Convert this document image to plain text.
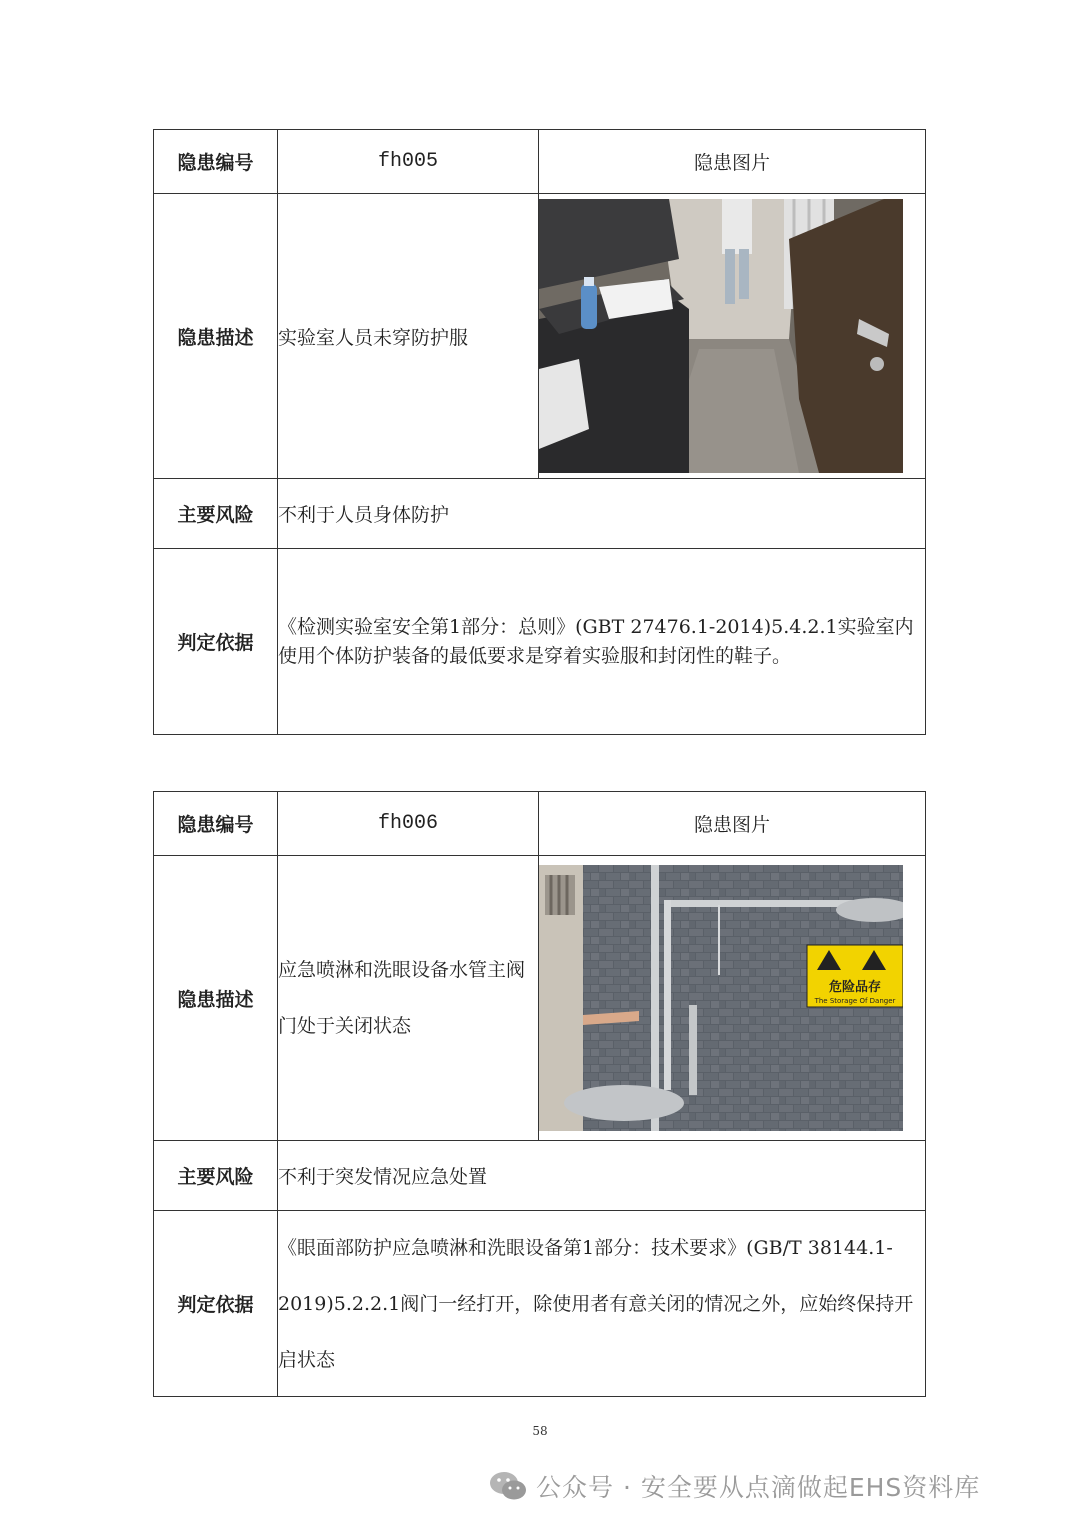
隐患编号	fh005	隐患图片
隐患描述	实验室人员未穿防护服	

主要风险	不利于人员身体防护	
判定依据	《检测实验室安全第1部分：总则》(GBT 27476.1-2014)5.4.2.1实验室内使用个体防护装备的最低要求是穿着实验服和封闭性的鞋子。	
隐患编号	fh006	隐患图片
隐患描述	应急喷淋和洗眼设备水管主阀门处于关闭状态	危险品存
The Storage Of Danger

主要风险	不利于突发情况应急处置	
判定依据	《眼面部防护应急喷淋和洗眼设备第1部分：技术要求》(GB/T 38144.1-2019)5.2.2.1阀门一经打开，除使用者有意关闭的情况之外，应始终保持开启状态	
58
公众号 · 安全要从点滴做起EHS资料库
